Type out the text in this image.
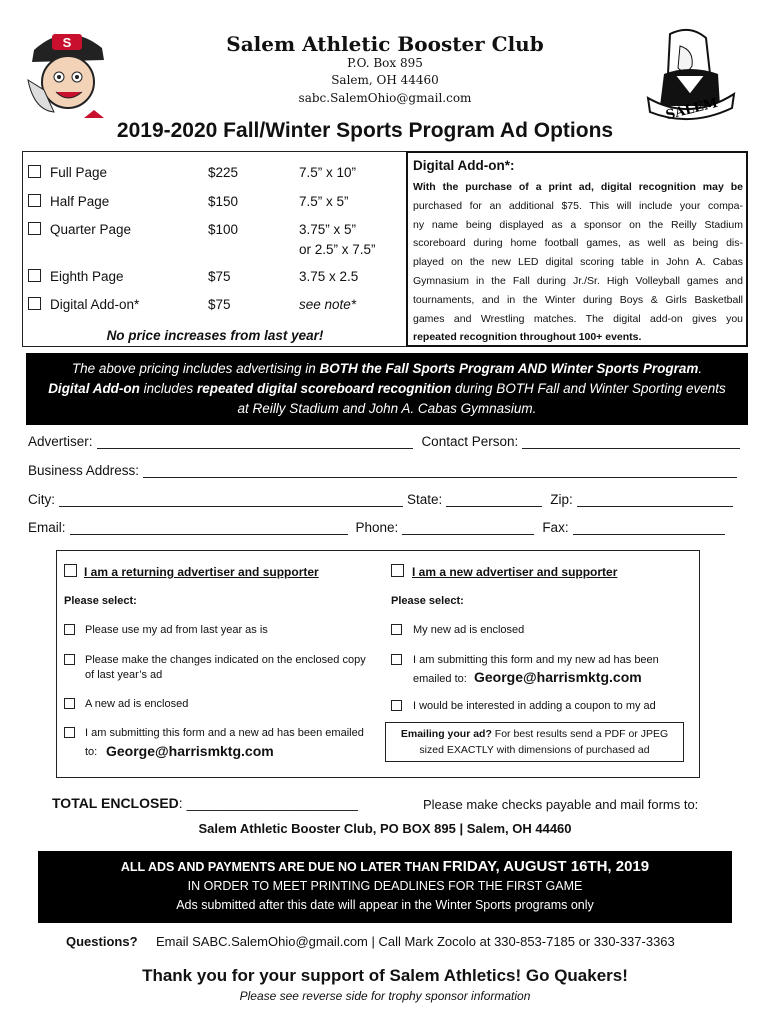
S	Salem Athletic Booster Club
P.O. Box 895
Salem, OH 44460
sabc.SalemOhio@gmail.com	SALEM
2019-2020 Fall/Winter Sports Program Ad Options
Full Page	$225	7.5” x 10”
Half Page	$150	7.5” x 5”
Quarter Page	$100	3.75” x 5”
or 2.5” x 7.5”
Eighth Page	$75	3.75 x 2.5
Digital Add-on*	$75	see note*
No price increases from last year!
Digital Add-on*:
With the purchase of a print ad, digital recognition may be
purchased for an additional $75. This will include your compa-
ny name being displayed as a sponsor on the Reilly Stadium
scoreboard during home football games, as well as being dis-
played on the new LED digital scoring table in John A. Cabas
Gymnasium in the Fall during Jr./Sr. High Volleyball games and
tournaments, and in the Winter during Boys & Girls Basketball
games and Wrestling matches. The digital add-on gives you
repeated recognition throughout 100+ events.
The above pricing includes advertising in BOTH the Fall Sports Program AND Winter Sports Program.
Digital Add-on includes repeated digital scoreboard recognition during BOTH Fall and Winter Sporting events
at Reilly Stadium and John A. Cabas Gymnasium.
Advertiser:	Contact Person:
Business Address:
City:	State:	Zip:
Email:	Phone:	Fax:
I am a returning advertiser and supporter	I am a new advertiser and supporter
Please select:	Please select:
Please use my ad from last year as is
Please make the changes indicated on the enclosed copy
of last year’s ad
A new ad is enclosed
I am submitting this form and a new ad has been emailed
to: George@harrismktg.com
My new ad is enclosed
I am submitting this form and my new ad has been
emailed to: George@harrismktg.com
I would be interested in adding a coupon to my ad
Emailing your ad? For best results send a PDF or JPEG
sized EXACTLY with dimensions of purchased ad
TOTAL ENCLOSED: ______________________	Please make checks payable and mail forms to:
Salem Athletic Booster Club, PO BOX 895 | Salem, OH 44460
ALL ADS AND PAYMENTS ARE DUE NO LATER THAN FRIDAY, AUGUST 16TH, 2019
IN ORDER TO MEET PRINTING DEADLINES FOR THE FIRST GAME
Ads submitted after this date will appear in the Winter Sports programs only
Questions? Email SABC.SalemOhio@gmail.com | Call Mark Zocolo at 330-853-7185 or 330-337-3363
Thank you for your support of Salem Athletics! Go Quakers!
Please see reverse side for trophy sponsor information
